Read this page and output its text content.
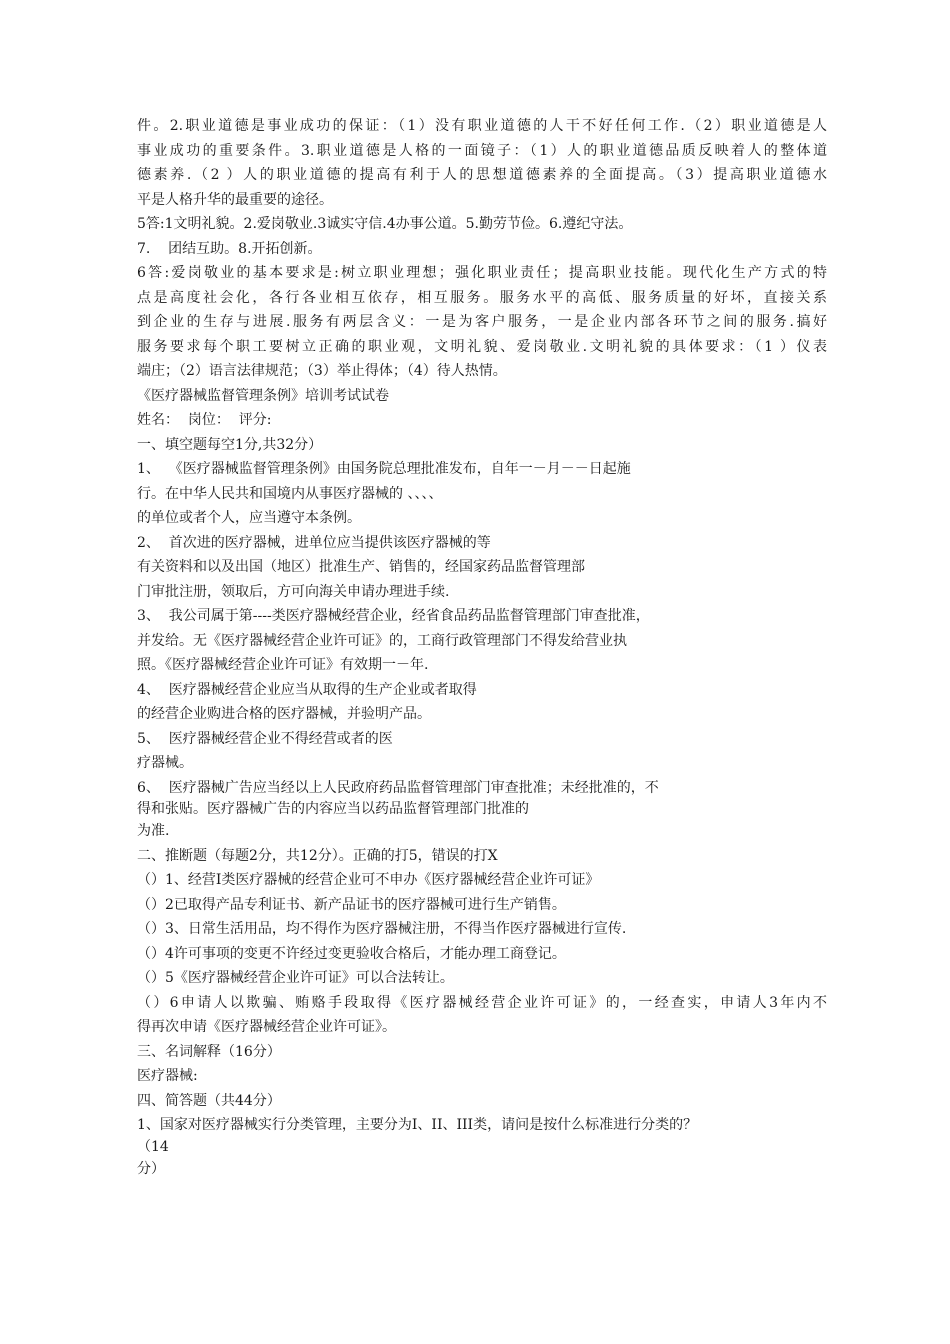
件。2.职业道德是事业成功的保证：（1）没有职业道德的人干不好任何工作.（2）职业道德是人
事业成功的重要条件。3.职业道德是人格的一面镜子：（1）人的职业道德品质反映着人的整体道
德素养.（2 ）人的职业道德的提高有利于人的思想道德素养的全面提高。（3）提高职业道德水
平是人格升华的最重要的途径。
5答:1文明礼貌。2.爱岗敬业.3诚实守信.4办事公道。5.勤劳节俭。6.遵纪守法。
7.    团结互助。8.开拓创新。
6答:爱岗敬业的基本要求是:树立职业理想；强化职业责任；提高职业技能。现代化生产方式的特
点是高度社会化，各行各业相互依存，相互服务。服务水平的高低、服务质量的好坏，直接关系
到企业的生存与进展.服务有两层含义：一是为客户服务，一是企业内部各环节之间的服务.搞好
服务要求每个职工要树立正确的职业观，文明礼貌、爱岗敬业.文明礼貌的具体要求：（1 ）仪表
端庄；（2）语言法律规范；（3）举止得体；（4）待人热情。
《医疗器械监督管理条例》培训考试试卷
姓名：  岗位：  评分:
一、填空题每空1分,共32分）
1、  《医疗器械监督管理条例》由国务院总理批准发布，自年一－月－－日起施
行。在中华人民共和国境内从事医疗器械的 、、、、
的单位或者个人，应当遵守本条例。
2、  首次进的医疗器械，进单位应当提供该医疗器械的等
有关资料和以及出国（地区）批准生产、销售的，经国家药品监督管理部
门审批注册，领取后，方可向海关申请办理进手续.
3、  我公司属于第----类医疗器械经营企业，经省食品药品监督管理部门审查批准，
并发给。无《医疗器械经营企业许可证》的，工商行政管理部门不得发给营业执
照。《医疗器械经营企业许可证》有效期一－年.
4、  医疗器械经营企业应当从取得的生产企业或者取得
的经营企业购进合格的医疗器械，并验明产品。
5、  医疗器械经营企业不得经营或者的医
疗器械。
6、  医疗器械广告应当经以上人民政府药品监督管理部门审查批准；未经批准的，不
得和张贴。医疗器械广告的内容应当以药品监督管理部门批准的
为准.
二、推断题（每题2分，共12分）。正确的打5，错误的打X
（）1、经营Ⅰ类医疗器械的经营企业可不申办《医疗器械经营企业许可证》
（）2已取得产品专利证书、新产品证书的医疗器械可进行生产销售。
（）3、日常生活用品，均不得作为医疗器械注册，不得当作医疗器械进行宣传.
（）4许可事项的变更不许经过变更验收合格后，才能办理工商登记。
（）5《医疗器械经营企业许可证》可以合法转让。
（）6申请人以欺骗、贿赂手段取得《医疗器械经营企业许可证》的，一经查实，申请人3年内不
得再次申请《医疗器械经营企业许可证》。
三、名词解释（16分）
医疗器械:
四、简答题（共44分）
1、国家对医疗器械实行分类管理，主要分为Ⅰ、II、III类，请问是按什么标准进行分类的？
（14
分）
